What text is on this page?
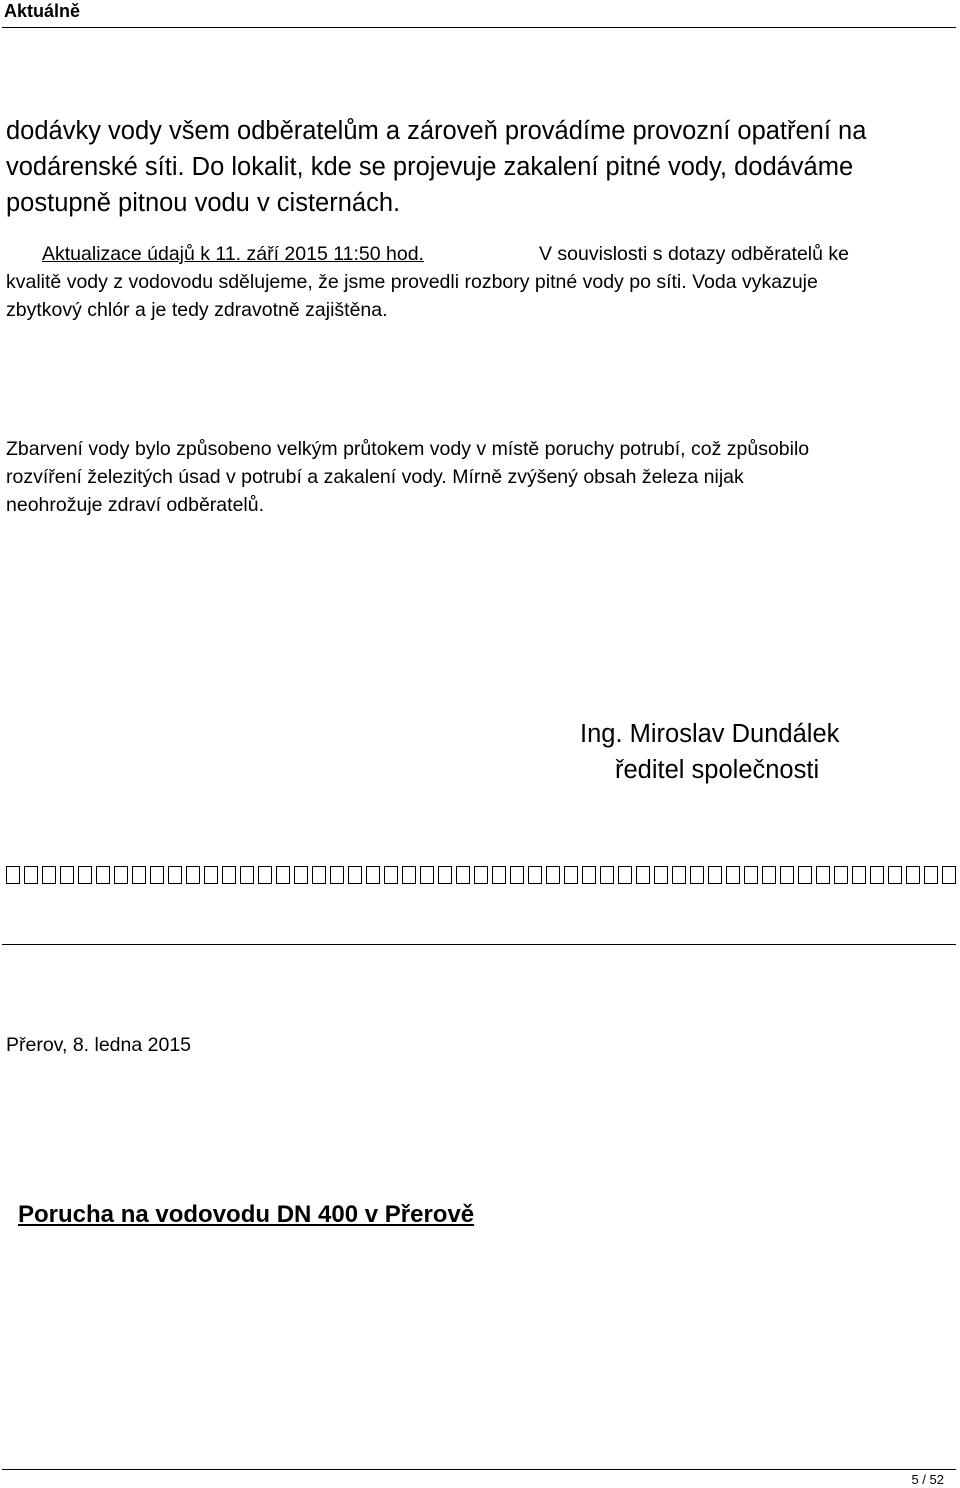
Aktuálně
dodávky vody všem odběratelům a zároveň provádíme provozní opatření na
vodárenské síti. Do lokalit, kde se projevuje zakalení pitné vody, dodáváme
postupně pitnou vodu v cisternách.
Aktualizace údajů k 11. září 2015 11:50 hod.	V souvislosti s dotazy odběratelů ke
kvalitě vody z vodovodu sdělujeme, že jsme provedli rozbory pitné vody po síti. Voda vykazuje
zbytkový chlór a je tedy zdravotně zajištěna.
Zbarvení vody bylo způsobeno velkým průtokem vody v místě poruchy potrubí, což způsobilo
rozvíření železitých úsad v potrubí a zakalení vody. Mírně zvýšený obsah železa nijak
neohrožuje zdraví odběratelů.
Ing. Miroslav Dundálek
ředitel společnosti
Přerov, 8. ledna 2015
Porucha na vodovodu DN 400 v Přerově
5 / 52
